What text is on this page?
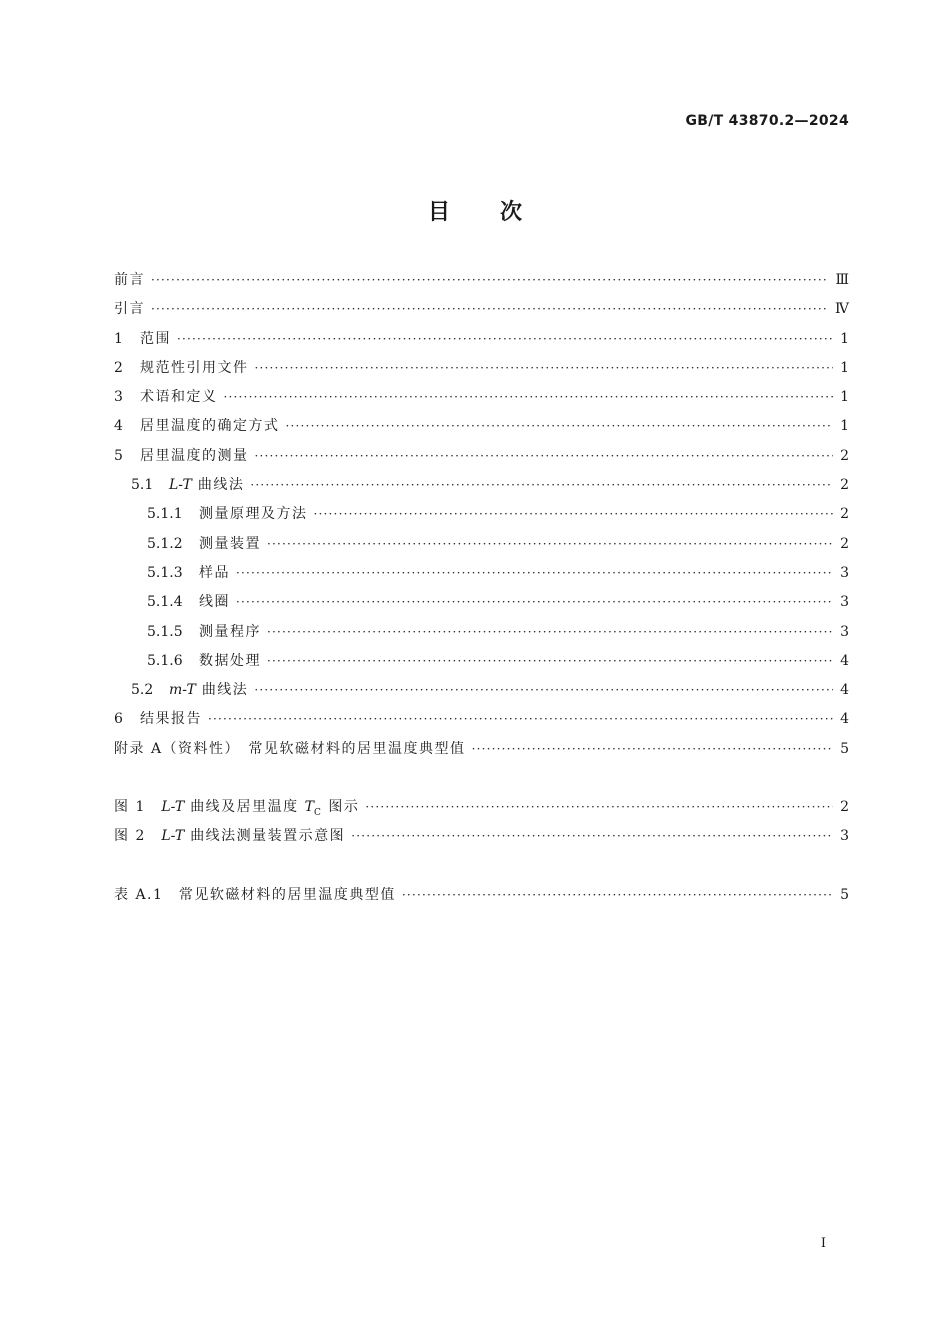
GB/T 43870.2—2024
目次
前言 ·····	Ⅲ
引言 ·····	Ⅳ
1	范围 ·····	1
2	规范性引用文件 ·····	1
3	术语和定义 ·····	1
4	居里温度的确定方式 ·····	1
5	居里温度的测量 ·····	2
5.1	L-T 曲线法 ·····	2
5.1.1	测量原理及方法 ·····	2
5.1.2	测量装置 ·····	2
5.1.3	样品 ·····	3
5.1.4	线圈 ·····	3
5.1.5	测量程序 ·····	3
5.1.6	数据处理 ·····	4
5.2	m-T 曲线法 ·····	4
6	结果报告 ·····	4
附录 A（资料性）　常见软磁材料的居里温度典型值 ·····	5
图 1　 L-T 曲线及居里温度 $T_C$ 图示 ·····	2
图 2　 L-T 曲线法测量装置示意图 ·····	3
表 A.1　 常见软磁材料的居里温度典型值 ·····	5
I
